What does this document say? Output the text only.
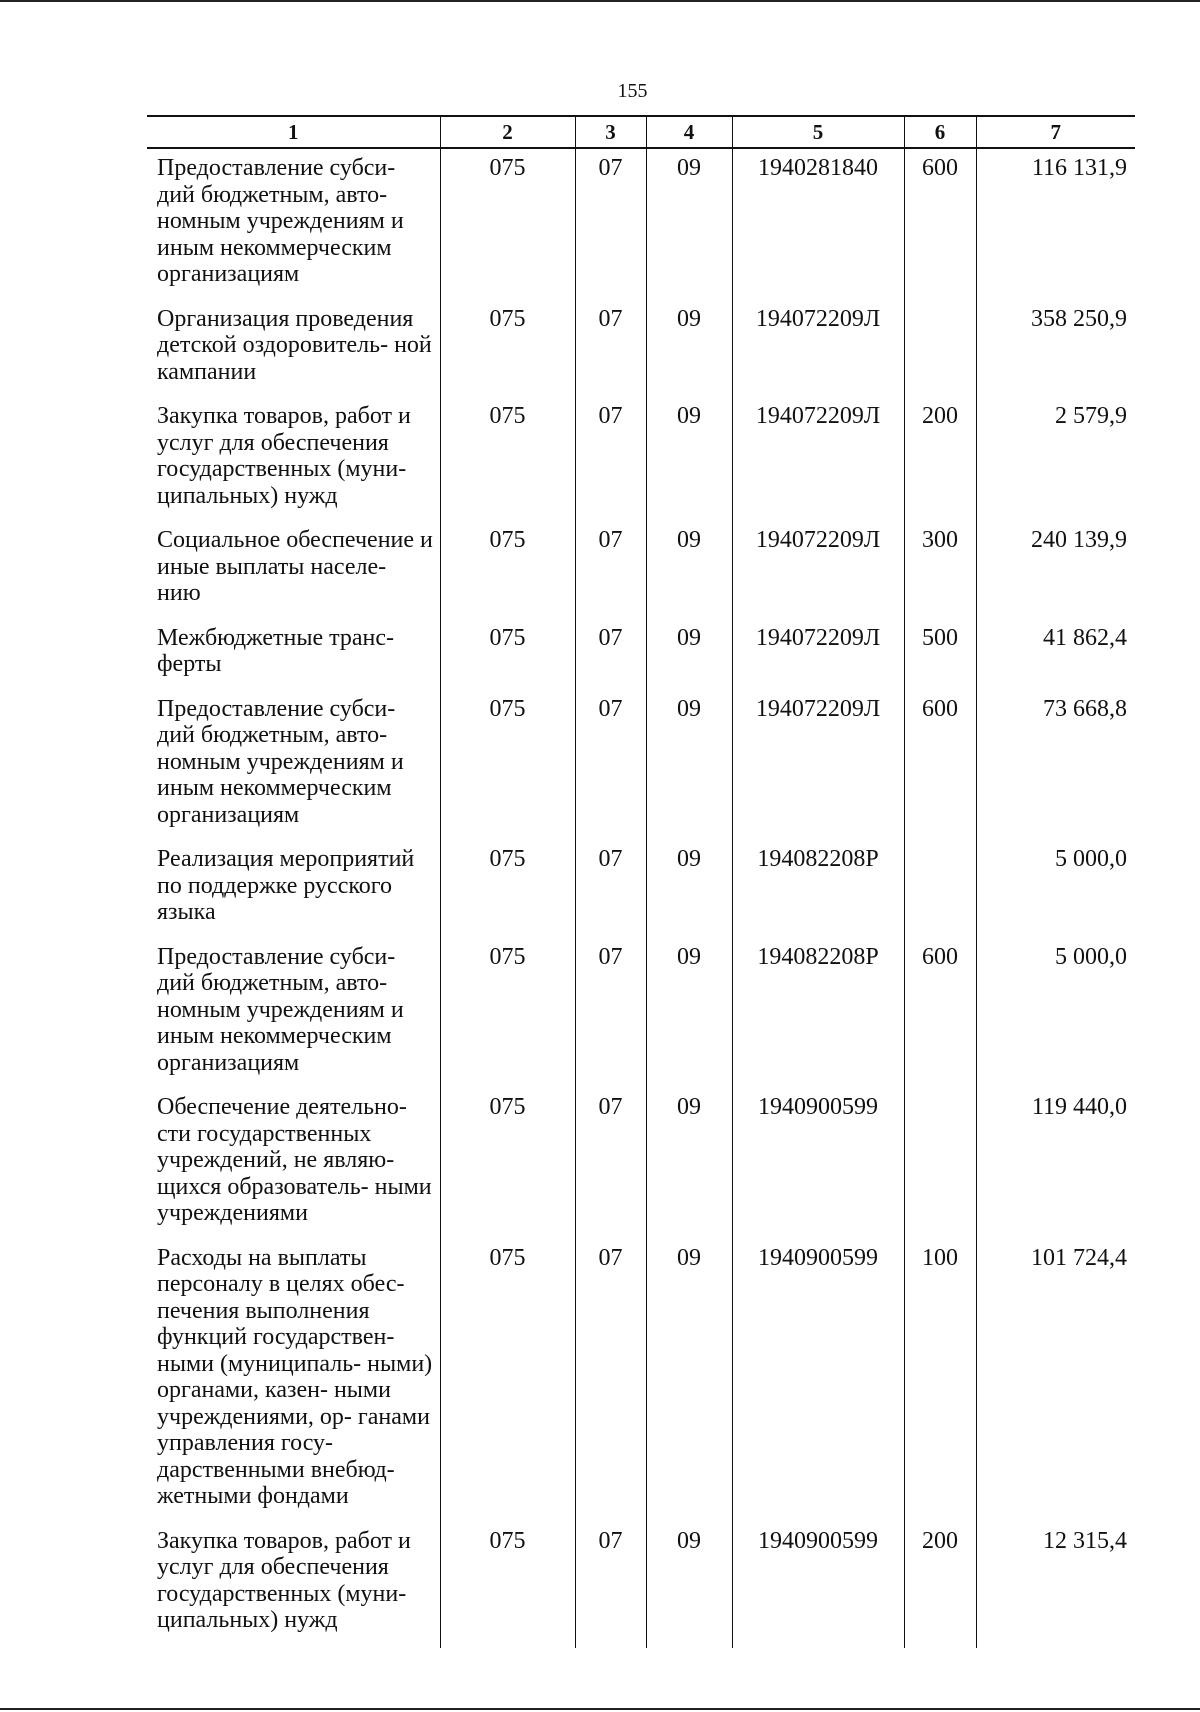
155
1	2	3	4	5	6	7
Предоставление субси- дий бюджетным, авто- номным учреждениям и иным некоммерческим организациям	075	07	09	1940281840	600	116 131,9
Организация проведения детской оздоровитель- ной кампании	075	07	09	194072209Л		358 250,9
Закупка товаров, работ и услуг для обеспечения государственных (муни- ципальных) нужд	075	07	09	194072209Л	200	2 579,9
Социальное обеспечение и иные выплаты населе- нию	075	07	09	194072209Л	300	240 139,9
Межбюджетные транс- ферты	075	07	09	194072209Л	500	41 862,4
Предоставление субси- дий бюджетным, авто- номным учреждениям и иным некоммерческим организациям	075	07	09	194072209Л	600	73 668,8
Реализация мероприятий по поддержке русского языка	075	07	09	194082208Р		5 000,0
Предоставление субси- дий бюджетным, авто- номным учреждениям и иным некоммерческим организациям	075	07	09	194082208Р	600	5 000,0
Обеспечение деятельно- сти государственных учреждений, не являю- щихся образователь- ными учреждениями	075	07	09	1940900599		119 440,0
Расходы на выплаты персоналу в целях обес- печения выполнения функций государствен- ными (муниципаль- ными) органами, казен- ными учреждениями, ор- ганами управления госу- дарственными внебюд- жетными фондами	075	07	09	1940900599	100	101 724,4
Закупка товаров, работ и услуг для обеспечения государственных (муни- ципальных) нужд	075	07	09	1940900599	200	12 315,4
